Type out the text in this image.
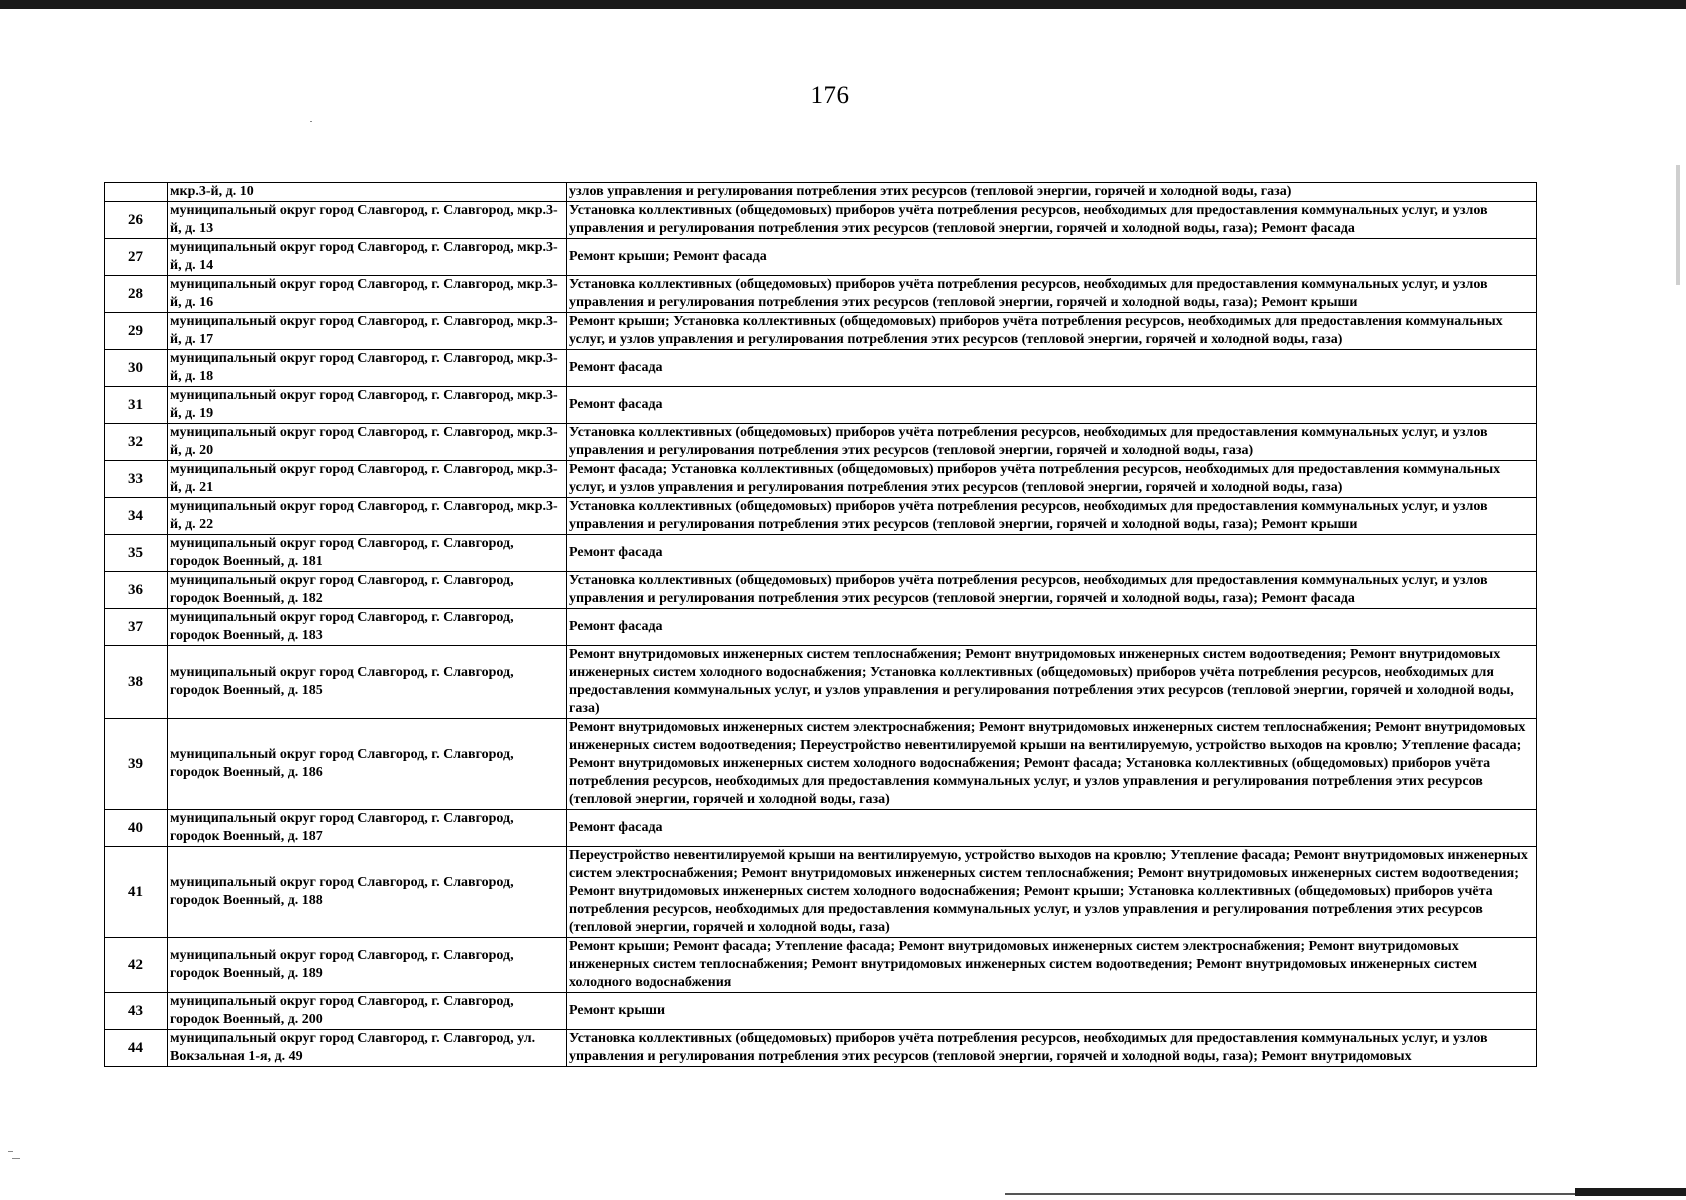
176

	мкр.3-й, д. 10	узлов управления и регулирования потребления этих ресурсов (тепловой энергии, горячей и холодной воды, газа)

26	муниципальный округ город Славгород, г. Славгород, мкр.3-й, д. 13	Установка коллективных (общедомовых) приборов учёта потребления ресурсов, необходимых для предоставления коммунальных услуг, и узлов управления и регулирования потребления этих ресурсов (тепловой энергии, горячей и холодной воды, газа); Ремонт фасада

27	муниципальный округ город Славгород, г. Славгород, мкр.3-й, д. 14	Ремонт крыши; Ремонт фасада

28	муниципальный округ город Славгород, г. Славгород, мкр.3-й, д. 16	Установка коллективных (общедомовых) приборов учёта потребления ресурсов, необходимых для предоставления коммунальных услуг, и узлов управления и регулирования потребления этих ресурсов (тепловой энергии, горячей и холодной воды, газа); Ремонт крыши

29	муниципальный округ город Славгород, г. Славгород, мкр.3-й, д. 17	Ремонт крыши; Установка коллективных (общедомовых) приборов учёта потребления ресурсов, необходимых для предоставления коммунальных услуг, и узлов управления и регулирования потребления этих ресурсов (тепловой энергии, горячей и холодной воды, газа)

30	муниципальный округ город Славгород, г. Славгород, мкр.3-й, д. 18	Ремонт фасада

31	муниципальный округ город Славгород, г. Славгород, мкр.3-й, д. 19	Ремонт фасада

32	муниципальный округ город Славгород, г. Славгород, мкр.3-й, д. 20	Установка коллективных (общедомовых) приборов учёта потребления ресурсов, необходимых для предоставления коммунальных услуг, и узлов управления и регулирования потребления этих ресурсов (тепловой энергии, горячей и холодной воды, газа)

33	муниципальный округ город Славгород, г. Славгород, мкр.3-й, д. 21	Ремонт фасада; Установка коллективных (общедомовых) приборов учёта потребления ресурсов, необходимых для предоставления коммунальных услуг, и узлов управления и регулирования потребления этих ресурсов (тепловой энергии, горячей и холодной воды, газа)

34	муниципальный округ город Славгород, г. Славгород, мкр.3-й, д. 22	Установка коллективных (общедомовых) приборов учёта потребления ресурсов, необходимых для предоставления коммунальных услуг, и узлов управления и регулирования потребления этих ресурсов (тепловой энергии, горячей и холодной воды, газа); Ремонт крыши

35	муниципальный округ город Славгород, г. Славгород, городок Военный, д. 181	Ремонт фасада

36	муниципальный округ город Славгород, г. Славгород, городок Военный, д. 182	Установка коллективных (общедомовых) приборов учёта потребления ресурсов, необходимых для предоставления коммунальных услуг, и узлов управления и регулирования потребления этих ресурсов (тепловой энергии, горячей и холодной воды, газа); Ремонт фасада

37	муниципальный округ город Славгород, г. Славгород, городок Военный, д. 183	Ремонт фасада

38	муниципальный округ город Славгород, г. Славгород, городок Военный, д. 185	Ремонт внутридомовых инженерных систем теплоснабжения; Ремонт внутридомовых инженерных систем водоотведения; Ремонт внутридомовых инженерных систем холодного водоснабжения; Установка коллективных (общедомовых) приборов учёта потребления ресурсов, необходимых для предоставления коммунальных услуг, и узлов управления и регулирования потребления этих ресурсов (тепловой энергии, горячей и холодной воды, газа)

39	муниципальный округ город Славгород, г. Славгород, городок Военный, д. 186	Ремонт внутридомовых инженерных систем электроснабжения; Ремонт внутридомовых инженерных систем теплоснабжения; Ремонт внутридомовых инженерных систем водоотведения; Переустройство невентилируемой крыши на вентилируемую, устройство выходов на кровлю; Утепление фасада; Ремонт внутридомовых инженерных систем холодного водоснабжения; Ремонт фасада; Установка коллективных (общедомовых) приборов учёта потребления ресурсов, необходимых для предоставления коммунальных услуг, и узлов управления и регулирования потребления этих ресурсов (тепловой энергии, горячей и холодной воды, газа)

40	муниципальный округ город Славгород, г. Славгород, городок Военный, д. 187	Ремонт фасада

41	муниципальный округ город Славгород, г. Славгород, городок Военный, д. 188	Переустройство невентилируемой крыши на вентилируемую, устройство выходов на кровлю; Утепление фасада; Ремонт внутридомовых инженерных систем электроснабжения; Ремонт внутридомовых инженерных систем теплоснабжения; Ремонт внутридомовых инженерных систем водоотведения; Ремонт внутридомовых инженерных систем холодного водоснабжения; Ремонт крыши; Установка коллективных (общедомовых) приборов учёта потребления ресурсов, необходимых для предоставления коммунальных услуг, и узлов управления и регулирования потребления этих ресурсов (тепловой энергии, горячей и холодной воды, газа)

42	муниципальный округ город Славгород, г. Славгород, городок Военный, д. 189	Ремонт крыши; Ремонт фасада; Утепление фасада; Ремонт внутридомовых инженерных систем электроснабжения; Ремонт внутридомовых инженерных систем теплоснабжения; Ремонт внутридомовых инженерных систем водоотведения; Ремонт внутридомовых инженерных систем холодного водоснабжения

43	муниципальный округ город Славгород, г. Славгород, городок Военный, д. 200	Ремонт крыши

44	муниципальный округ город Славгород, г. Славгород, ул. Вокзальная 1-я, д. 49	Установка коллективных (общедомовых) приборов учёта потребления ресурсов, необходимых для предоставления коммунальных услуг, и узлов управления и регулирования потребления этих ресурсов (тепловой энергии, горячей и холодной воды, газа); Ремонт внутридомовых
